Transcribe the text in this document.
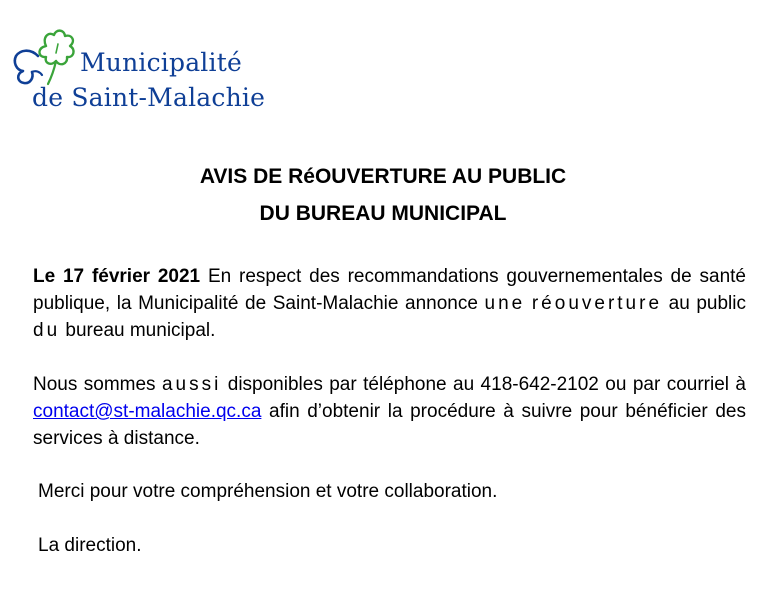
Municipalité
de Saint-Malachie
AVIS DE RéOUVERTURE AU PUBLIC
DU BUREAU MUNICIPAL
Le 17 février 2021 En respect des recommandations gouvernementales de santé publique, la Municipalité de Saint-Malachie annonce une réouverture au public du bureau municipal.
Nous sommes aussi disponibles par téléphone au 418-642-2102 ou par courriel à contact@st-malachie.qc.ca afin d’obtenir la procédure à suivre pour bénéficier des services à distance.
Merci pour votre compréhension et votre collaboration.
La direction.
